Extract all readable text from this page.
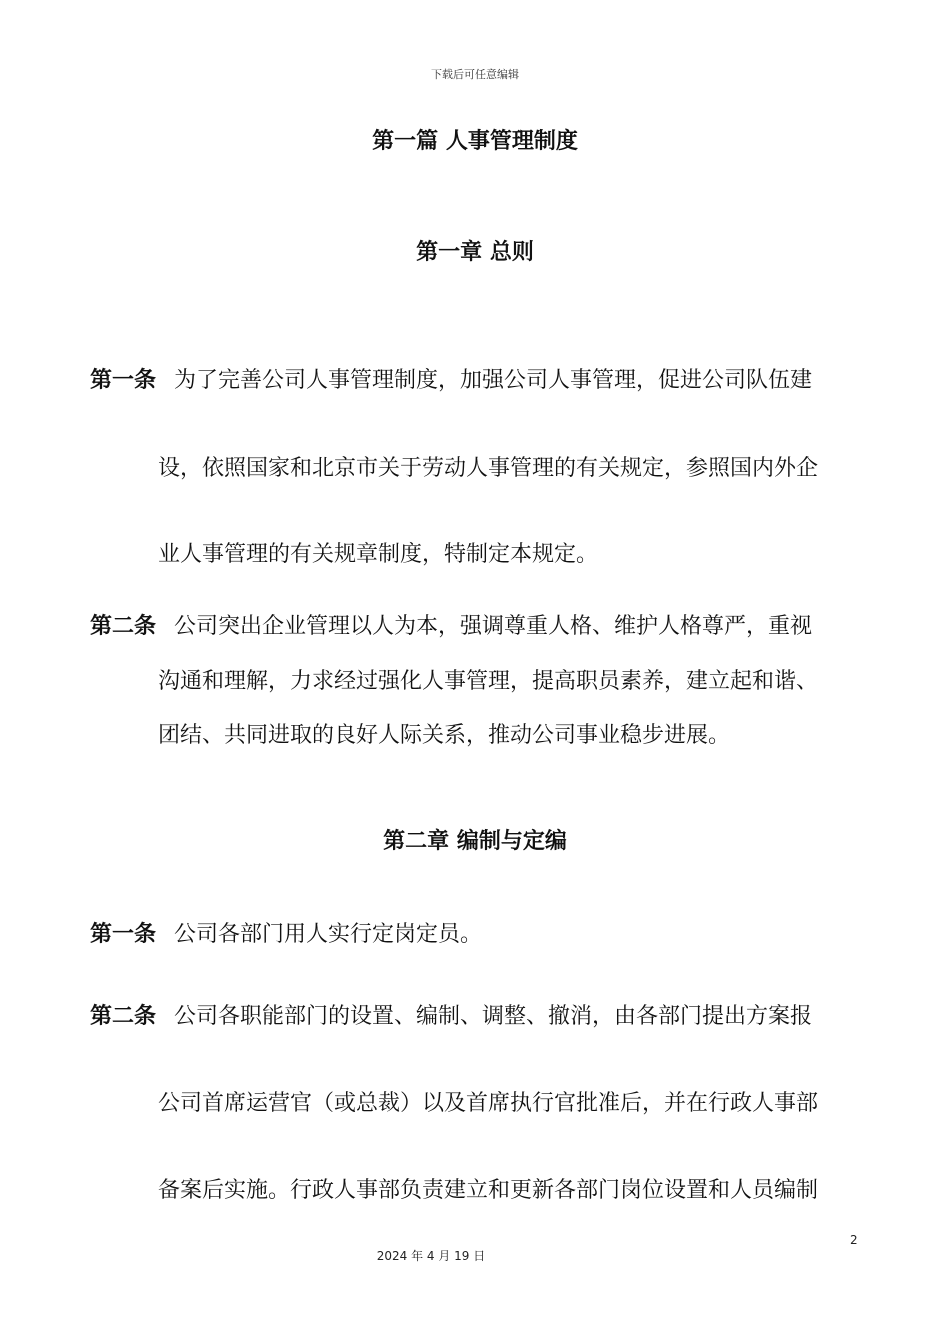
下载后可任意编辑
第一篇 人事管理制度
第一章 总则
第一条 为了完善公司人事管理制度，加强公司人事管理，促进公司队伍建
设，依照国家和北京市关于劳动人事管理的有关规定，参照国内外企
业人事管理的有关规章制度，特制定本规定。
第二条 公司突出企业管理以人为本，强调尊重人格、维护人格尊严，重视
沟通和理解，力求经过强化人事管理，提高职员素养，建立起和谐、
团结、共同进取的良好人际关系，推动公司事业稳步进展。
第二章 编制与定编
第一条 公司各部门用人实行定岗定员。
第二条 公司各职能部门的设置、编制、调整、撤消，由各部门提出方案报
公司首席运营官（或总裁）以及首席执行官批准后，并在行政人事部
备案后实施。行政人事部负责建立和更新各部门岗位设置和人员编制
2
2024 年 4 月 19 日
